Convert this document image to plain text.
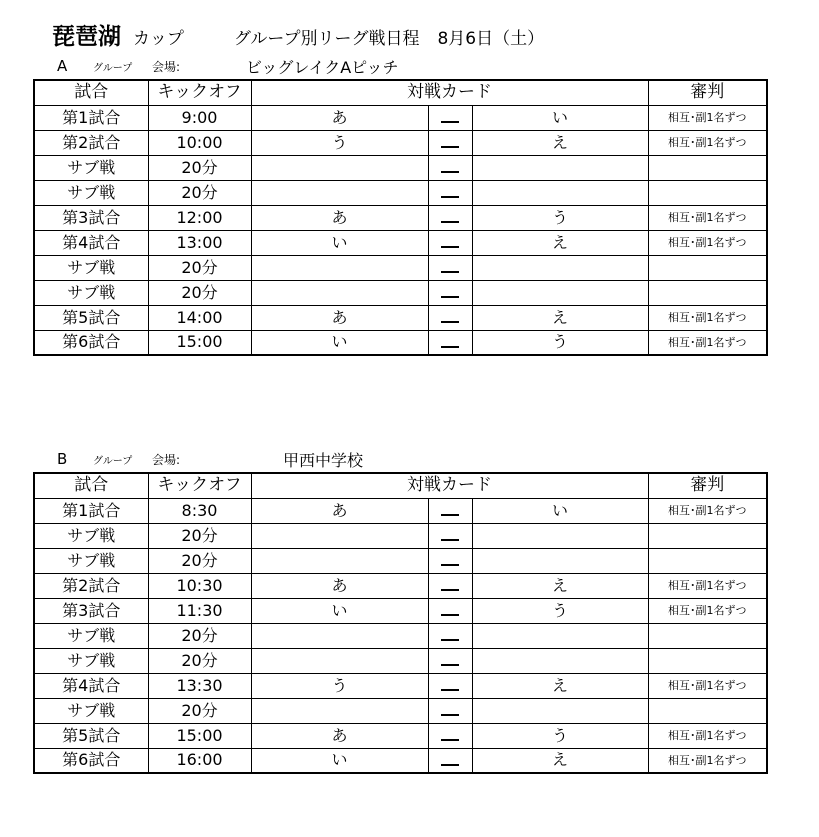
琵琶湖 カップ	グループ別リーグ戦日程 8月6日（土）
A	グループ 会場:	ビッグレイクAピッチ
試合	キックオフ	対戦カード			審判
第1試合	9:00	あ		い	相互･副1名ずつ
第2試合	10:00	う		え	相互･副1名ずつ
サブ戦	20分				
サブ戦	20分				
第3試合	12:00	あ		う	相互･副1名ずつ
第4試合	13:00	い		え	相互･副1名ずつ
サブ戦	20分				
サブ戦	20分				
第5試合	14:00	あ		え	相互･副1名ずつ
第6試合	15:00	い		う	相互･副1名ずつ
B	グループ 会場:	甲西中学校
試合	キックオフ	対戦カード			審判
第1試合	8:30	あ		い	相互･副1名ずつ
サブ戦	20分				
サブ戦	20分				
第2試合	10:30	あ		え	相互･副1名ずつ
第3試合	11:30	い		う	相互･副1名ずつ
サブ戦	20分				
サブ戦	20分				
第4試合	13:30	う		え	相互･副1名ずつ
サブ戦	20分				
第5試合	15:00	あ		う	相互･副1名ずつ
第6試合	16:00	い		え	相互･副1名ずつ
